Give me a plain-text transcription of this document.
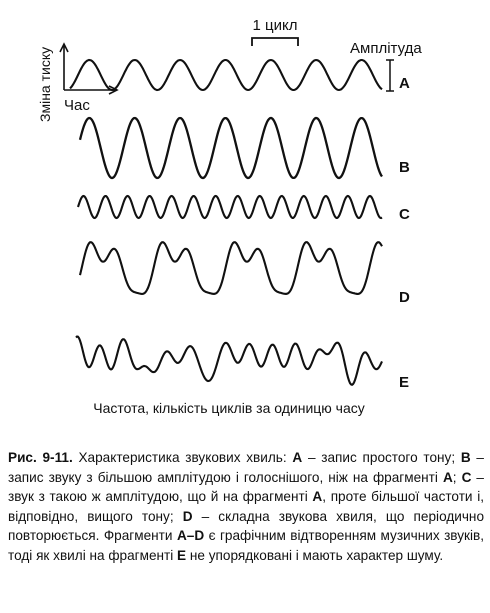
1 цикл
Амплітуда
Зміна тиску Час
A
B
C
D
E
Частота, кількість циклів за одиницю часу

Рис. 9-11. Характеристика звукових хвиль: A – запис простого тону; B – запис звуку з більшою амплітудою і голоснішого, ніж на фрагменті A; C – звук з такою ж амплітудою, що й на фрагменті A, проте більшої частоти і, відповідно, вищого тону; D – складна звукова хвиля, що періодично повторюється. Фрагменти A–D є графічним відтворенням музичних звуків, тоді як хвилі на фрагменті E не упорядковані і мають характер шуму.
